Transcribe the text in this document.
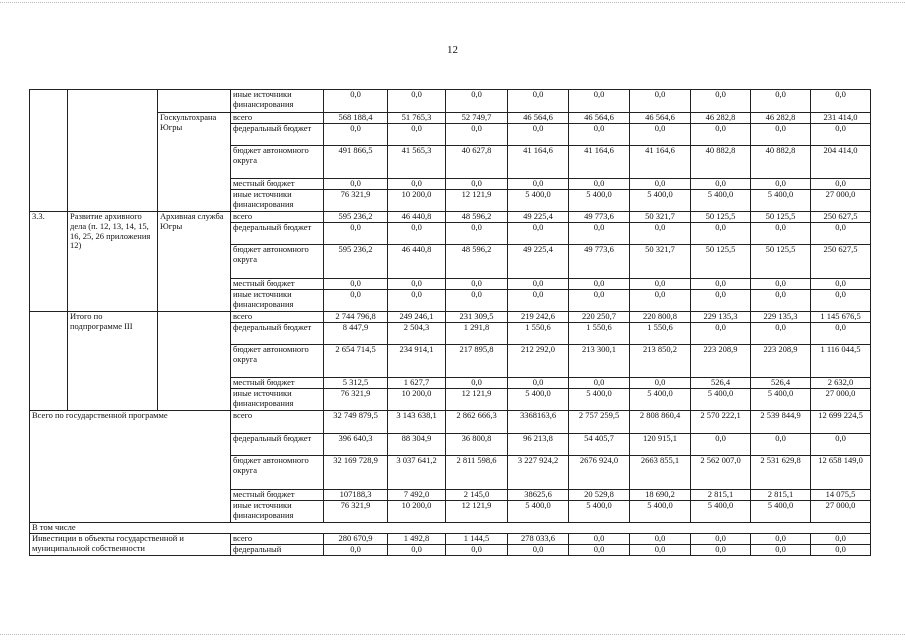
12
			иные источники финансирования	0,0	0,0	0,0	0,0	0,0	0,0	0,0	0,0	0,0
		Госкультохрана Югры	всего	568 188,4	51 765,3	52 749,7	46 564,6	46 564,6	46 564,6	46 282,8	46 282,8	231 414,0
			федеральный бюджет	0,0	0,0	0,0	0,0	0,0	0,0	0,0	0,0	0,0
			бюджет автономного округа	491 866,5	41 565,3	40 627,8	41 164,6	41 164,6	41 164,6	40 882,8	40 882,8	204 414,0
			местный бюджет	0,0	0,0	0,0	0,0	0,0	0,0	0,0	0,0	0,0
			иные источники финансирования	76 321,9	10 200,0	12 121,9	5 400,0	5 400,0	5 400,0	5 400,0	5 400,0	27 000,0
3.3.	Развитие архивного дела (п. 12, 13, 14, 15, 16, 25, 26 приложения 12)	Архивная служба Югры	всего	595 236,2	46 440,8	48 596,2	49 225,4	49 773,6	50 321,7	50 125,5	50 125,5	250 627,5
			федеральный бюджет	0,0	0,0	0,0	0,0	0,0	0,0	0,0	0,0	0,0
			бюджет автономного округа	595 236,2	46 440,8	48 596,2	49 225,4	49 773,6	50 321,7	50 125,5	50 125,5	250 627,5
			местный бюджет	0,0	0,0	0,0	0,0	0,0	0,0	0,0	0,0	0,0
			иные источники финансирования	0,0	0,0	0,0	0,0	0,0	0,0	0,0	0,0	0,0
	Итого по подпрограмме III		всего	2 744 796,8	249 246,1	231 309,5	219 242,6	220 250,7	220 800,8	229 135,3	229 135,3	1 145 676,5
			федеральный бюджет	8 447,9	2 504,3	1 291,8	1 550,6	1 550,6	1 550,6	0,0	0,0	0,0
			бюджет автономного округа	2 654 714,5	234 914,1	217 895,8	212 292,0	213 300,1	213 850,2	223 208,9	223 208,9	1 116 044,5
			местный бюджет	5 312,5	1 627,7	0,0	0,0	0,0	0,0	526,4	526,4	2 632,0
			иные источники финансирования	76 321,9	10 200,0	12 121,9	5 400,0	5 400,0	5 400,0	5 400,0	5 400,0	27 000,0
Всего по государственной программе			всего	32 749 879,5	3 143 638,1	2 862 666,3	3368163,6	2 757 259,5	2 808 860,4	2 570 222,1	2 539 844,9	12 699 224,5
			федеральный бюджет	396 640,3	88 304,9	36 800,8	96 213,8	54 405,7	120 915,1	0,0	0,0	0,0
			бюджет автономного округа	32 169 728,9	3 037 641,2	2 811 598,6	3 227 924,2	2676 924,0	2663 855,1	2 562 007,0	2 531 629,8	12 658 149,0
			местный бюджет	107188,3	7 492,0	2 145,0	38625,6	20 529,8	18 690,2	2 815,1	2 815,1	14 075,5
			иные источники финансирования	76 321,9	10 200,0	12 121,9	5 400,0	5 400,0	5 400,0	5 400,0	5 400,0	27 000,0
В том числе												
Инвестиции в объекты государственной и муниципальной собственности			всего	280 670,9	1 492,8	1 144,5	278 033,6	0,0	0,0	0,0	0,0	0,0
			федеральный	0,0	0,0	0,0	0,0	0,0	0,0	0,0	0,0	0,0
